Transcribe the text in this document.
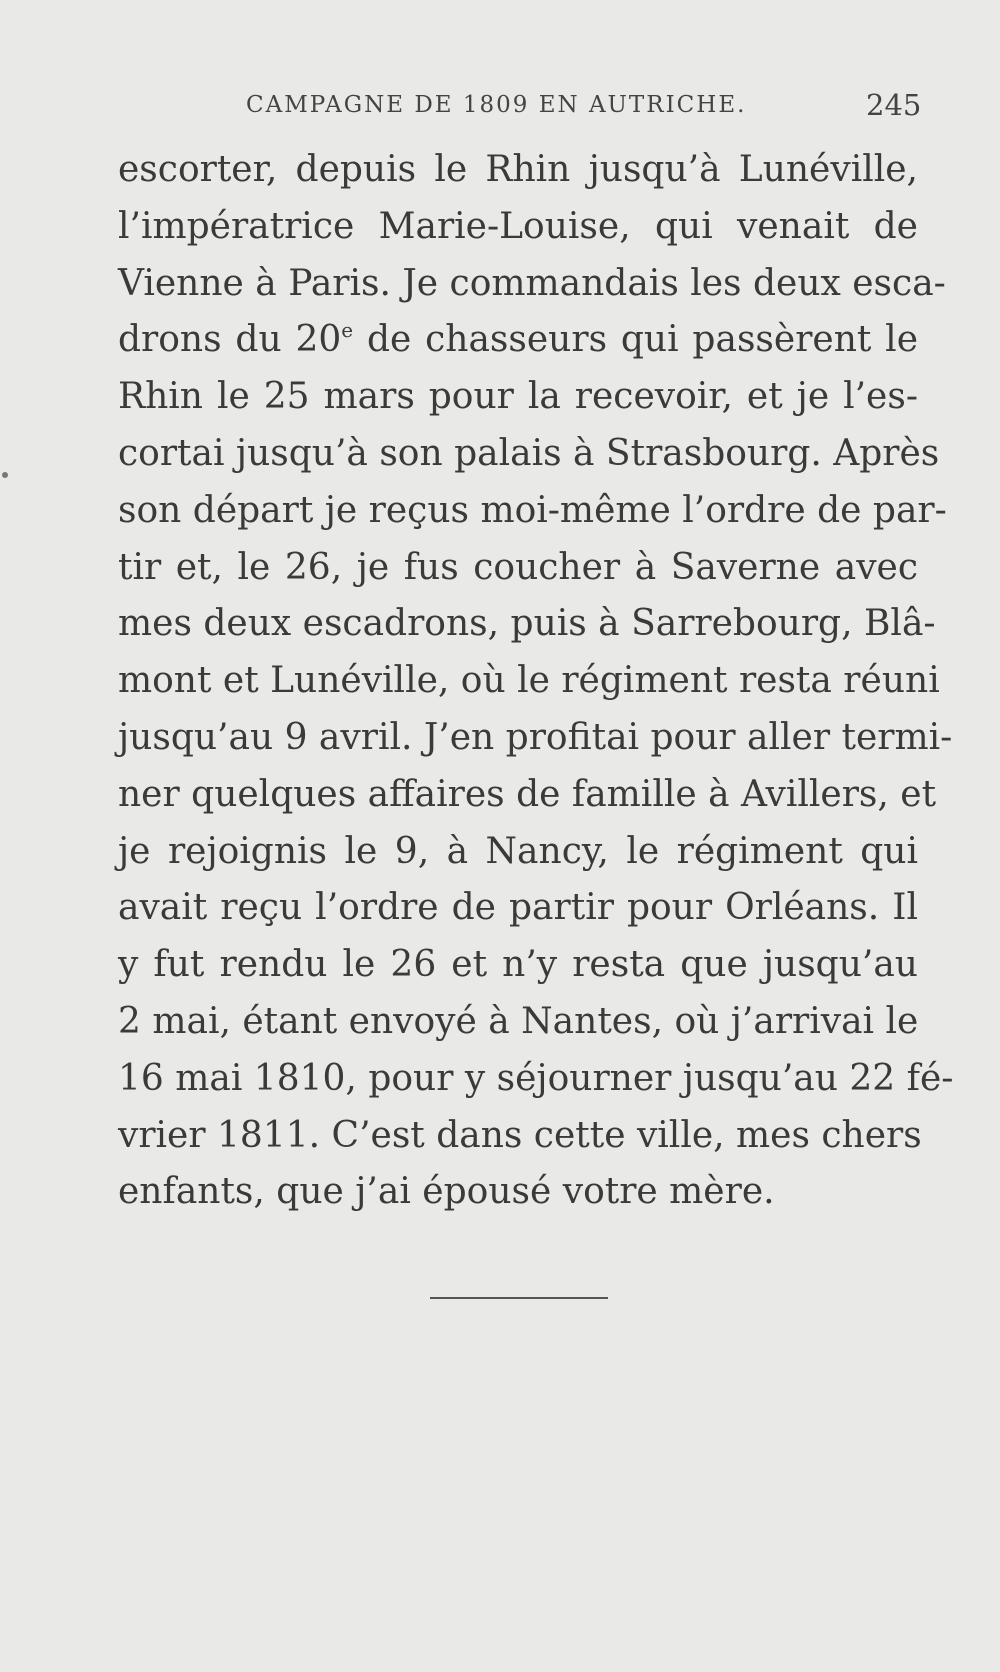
CAMPAGNE DE 1809 EN AUTRICHE.	245
escorter, depuis le Rhin jusqu’à Lunéville,
l’impératrice Marie-Louise, qui venait de
Vienne à Paris. Je commandais les deux esca-
drons du 20e de chasseurs qui passèrent le
Rhin le 25 mars pour la recevoir, et je l’es-
cortai jusqu’à son palais à Strasbourg. Après
son départ je reçus moi-même l’ordre de par-
tir et, le 26, je fus coucher à Saverne avec
mes deux escadrons, puis à Sarrebourg, Blâ-
mont et Lunéville, où le régiment resta réuni
jusqu’au 9 avril. J’en profitai pour aller termi-
ner quelques affaires de famille à Avillers, et
je rejoignis le 9, à Nancy, le régiment qui
avait reçu l’ordre de partir pour Orléans. Il
y fut rendu le 26 et n’y resta que jusqu’au
2 mai, étant envoyé à Nantes, où j’arrivai le
16 mai 1810, pour y séjourner jusqu’au 22 fé-
vrier 1811. C’est dans cette ville, mes chers
enfants, que j’ai épousé votre mère.
